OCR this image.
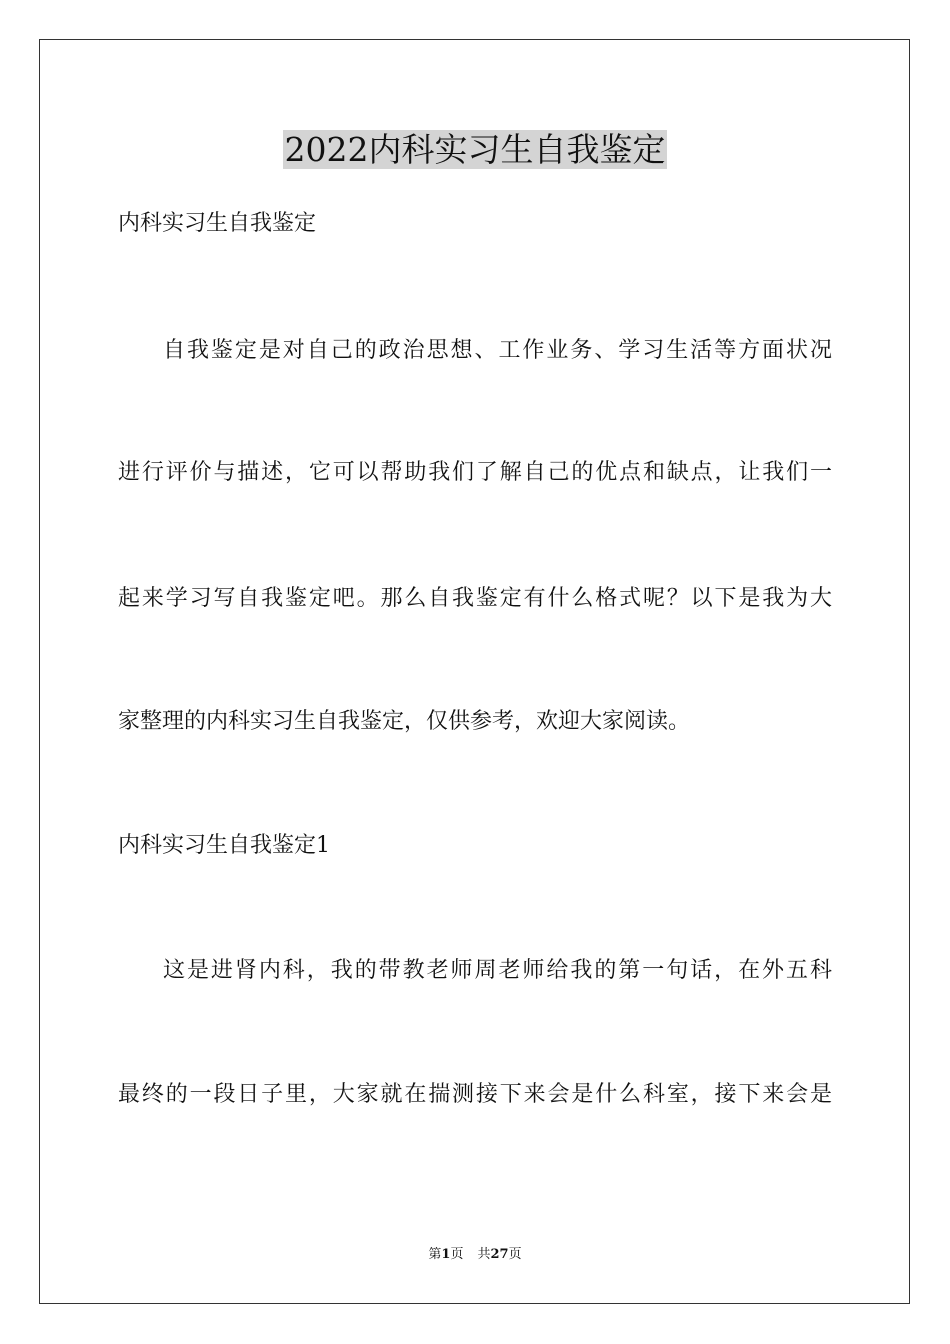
2022内科实习生自我鉴定
内科实习生自我鉴定
自我鉴定是对自己的政治思想、工作业务、学习生活等方面状况
进行评价与描述，它可以帮助我们了解自己的优点和缺点，让我们一
起来学习写自我鉴定吧。那么自我鉴定有什么格式呢？以下是我为大
家整理的内科实习生自我鉴定，仅供参考，欢迎大家阅读。
内科实习生自我鉴定1
这是进肾内科，我的带教老师周老师给我的第一句话，在外五科
最终的一段日子里，大家就在揣测接下来会是什么科室，接下来会是
第1页 共27页
